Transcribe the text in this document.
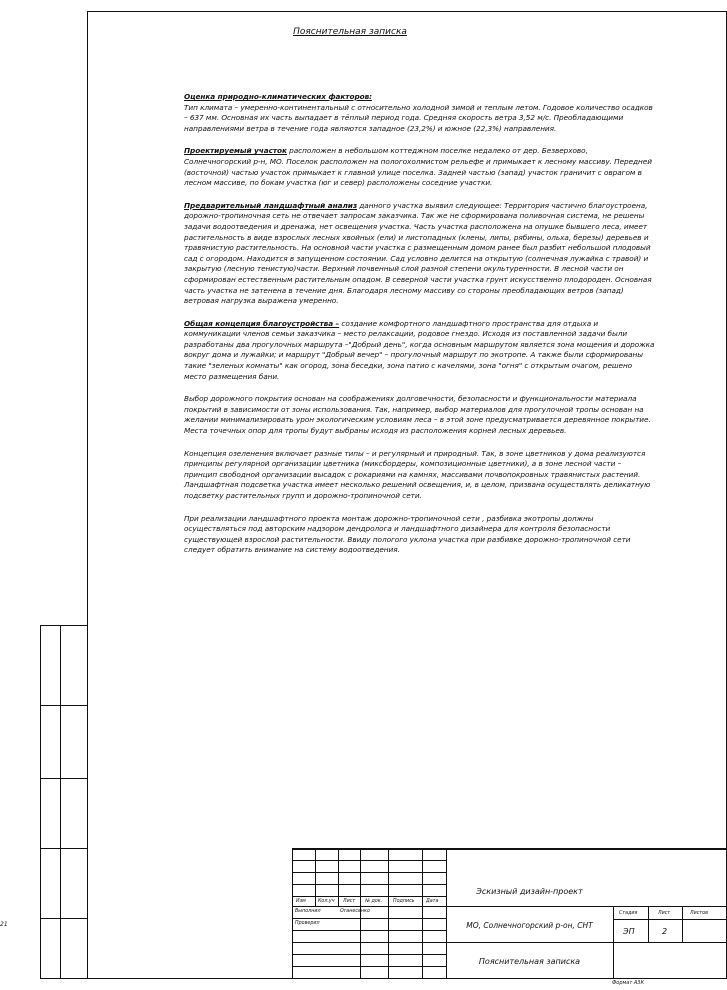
21
Пояснительная записка

Оценка природно-климатических факторов:
Тип климата – умеренно-континентальный с относительно холодной зимой и теплым летом. Годовое количество осадков – 637 мм. Основная их часть выпадает в тёплый период года. Средняя скорость ветра 3,52 м/с. Преобладающими направлениями ветра в течение года являются западное (23,2%) и южное (22,3%) направления.

Проектируемый участок расположен в небольшом коттеджном поселке недалеко от дер. Безверхово, Солнечногорский р-н, МО. Поселок расположен на пологохолмистом рельефе и примыкает к лесному массиву. Передней (восточной) частью участок примыкает к главной улице поселка. Задней частью (запад) участок граничит с оврагом в лесном массиве, по бокам участка (юг и север) расположены соседние участки.

Предварительный ландшафтный анализ данного участка выявил следующее: Территория частично благоустроена, дорожно-тропиночная сеть не отвечает запросам заказчика. Так же не сформирована поливочная система, не решены задачи водоотведения и дренажа, нет освещения участка. Часть участка расположена на опушке бывшего леса, имеет растительность в виде взрослых лесных хвойных (ели) и листопадных (клены, липы, рябины, ольха, березы) деревьев и травянистую растительность. На основной части участка с размещенным домом ранее был разбит небольшой плодовый сад с огородом. Находится в запущенном состоянии. Сад условно делится на открытую (солнечная лужайка с травой) и закрытую (лесную тенистую)части. Верхний почвенный слой разной степени окультуренности. В лесной части он сформирован естественным растительным опадом. В северной части участка грунт искусственно плодороден. Основная часть участка не затенена в течение дня. Благодаря лесному массиву со стороны преобладающих ветров (запад) ветровая нагрузка выражена умеренно.

Общая концепция благоустройства – создание комфортного ландшафтного пространства для отдыха и коммуникации членов семьи заказчика – место релаксации, родовое гнездо. Исходя из поставленной задачи были разработаны два прогулочных маршрута –"Добрый день", когда основным маршрутом является зона мощения и дорожка вокруг дома и лужайки; и маршрут "Добрый вечер" – прогулочный маршрут по экотропе. А также были сформированы такие "зеленых комнаты" как огород, зона беседки, зона патио с качелями, зона "огня" с открытым очагом, решено место размещения бани.

Выбор дорожного покрытия основан на соображениях долговечности, безопасности и функциональности материала покрытий в зависимости от зоны использования. Так, например, выбор материалов для прогулочной тропы основан на желании минимализировать урон экологическим условиям леса – в этой зоне предусматривается деревянное покрытие. Места точечных опор для тропы будут выбраны исходя из расположения корней лесных деревьев.

Концепция озеленения включает разные типы – и регулярный и природный. Так, в зоне цветников у дома реализуются принципы регулярной организации цветника (миксбордеры, композиционные цветники), а в зоне лесной части – принцип свободной организации высадок с рокариями на камнях, массивами почвопокровных травянистых растений. Ландшафтная подсветка участка имеет несколько решений освещения, и, в целом, призвана осуществлять деликатную подсветку растительных групп и дорожно-тропиночной сети.

При реализации ландшафтного проекта монтаж дорожно-тропиночной сети , разбивка экотропы должны осуществляться под авторским надзором дендролога и ландшафтного дизайнера для контроля безопасности существующей взрослой растительности. Ввиду пологого уклона участка при разбивке дорожно-тропиночной сети следует обратить внимание на систему водоотведения.

Изм	Кол.уч Лист № док. Подпись Дата
Выполнил	Оганесенко
Проверил
Эскизный дизайн-проект
МО, Солнечногорский р-он, СНТ
Пояснительная записка
Стадия	Лист	Листов
ЭП	2
Формат А3К
